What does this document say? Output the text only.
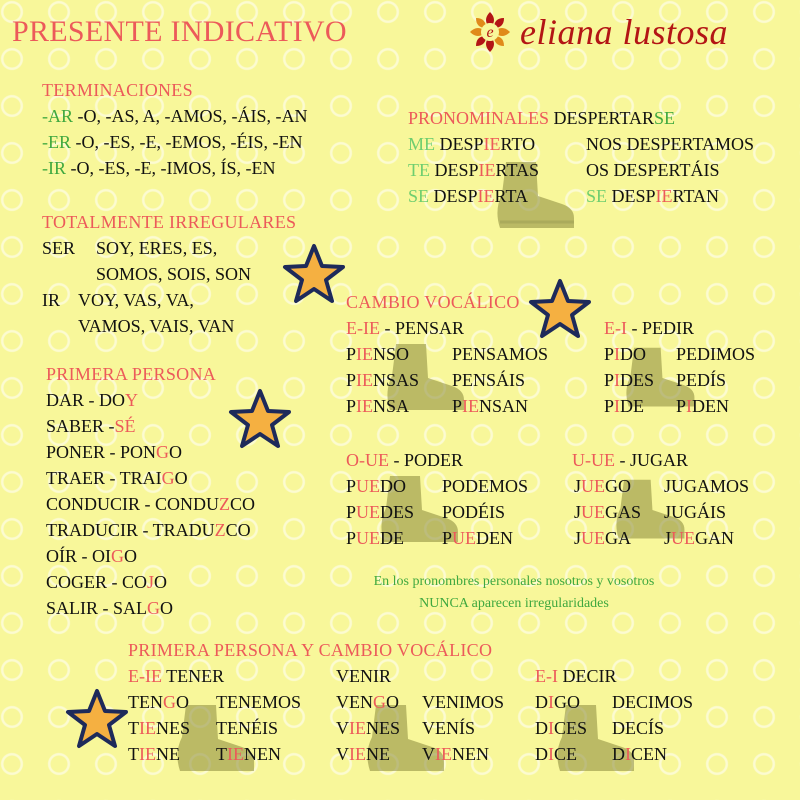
PRESENTE INDICATIVO	e eliana lustosa
TERMINACIONES
-AR -O, -AS, A, -AMOS, -ÁIS, -AN
-ER -O, -ES, -E, -EMOS, -ÉIS, -EN
-IR -O, -ES, -E, -IMOS, ÍS, -EN
TOTALMENTE IRREGULARES
SER SOY, ERES, ES,
SOMOS, SOIS, SON
IR VOY, VAS, VA,
VAMOS, VAIS, VAN
PRONOMINALES DESPERTARSE
ME DESPIERTO
TE DESPIERTAS
SE DESPIERTA
NOS DESPERTAMOS
OS DESPERTÁIS
SE DESPIERTAN
PRIMERA PERSONA
DAR - DOY
SABER -SÉ
PONER - PONGO
TRAER - TRAIGO
CONDUCIR - CONDUZCO
TRADUCIR - TRADUZCO
OÍR - OIGO
COGER - COJO
SALIR - SALGO
CAMBIO VOCÁLICO
E-IE - PENSAR
PIENSO PENSAMOS
PIENSAS PENSÁIS
PIENSA PIENSAN
E-I - PEDIR
PIDO PEDIMOS
PIDES PEDÍS
PIDE PIDEN
O-UE - PODER
PUEDO PODEMOS
PUEDES PODÉIS
PUEDE PUEDEN
U-UE - JUGAR
JUEGO JUGAMOS
JUEGAS JUGÁIS
JUEGA JUEGAN
En los pronombres personales nosotros y vosotros
NUNCA aparecen irregularidades
PRIMERA PERSONA Y CAMBIO VOCÁLICO
E-IE TENER
TENGO TENEMOS
TIENES TENÉIS
TIENE TIENEN
VENIR
VENGO VENIMOS
VIENES VENÍS
VIENE VIENEN
E-I DECIR
DIGO DECIMOS
DICES DECÍS
DICE DICEN
